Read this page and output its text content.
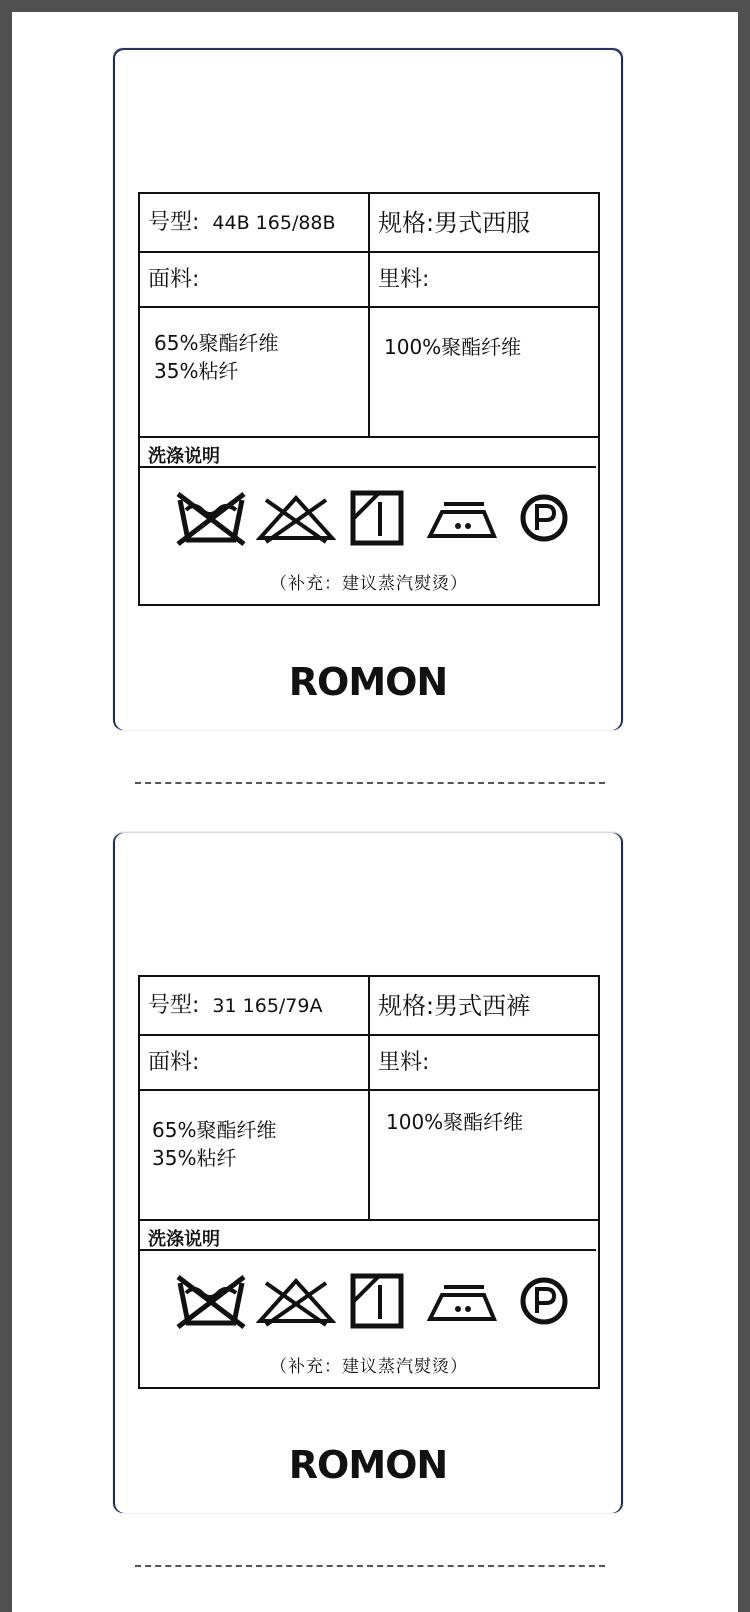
号型: 44B 165/88B 规格:男式西服
面料:	里料:
65%聚酯纤维
35%粘纤
100%聚酯纤维
洗涤说明
（补充：建议蒸汽熨烫）
ROMON
号型: 31 165/79A 规格:男式西裤
面料:	里料:
65%聚酯纤维
35%粘纤
100%聚酯纤维
洗涤说明
（补充：建议蒸汽熨烫）
ROMON
